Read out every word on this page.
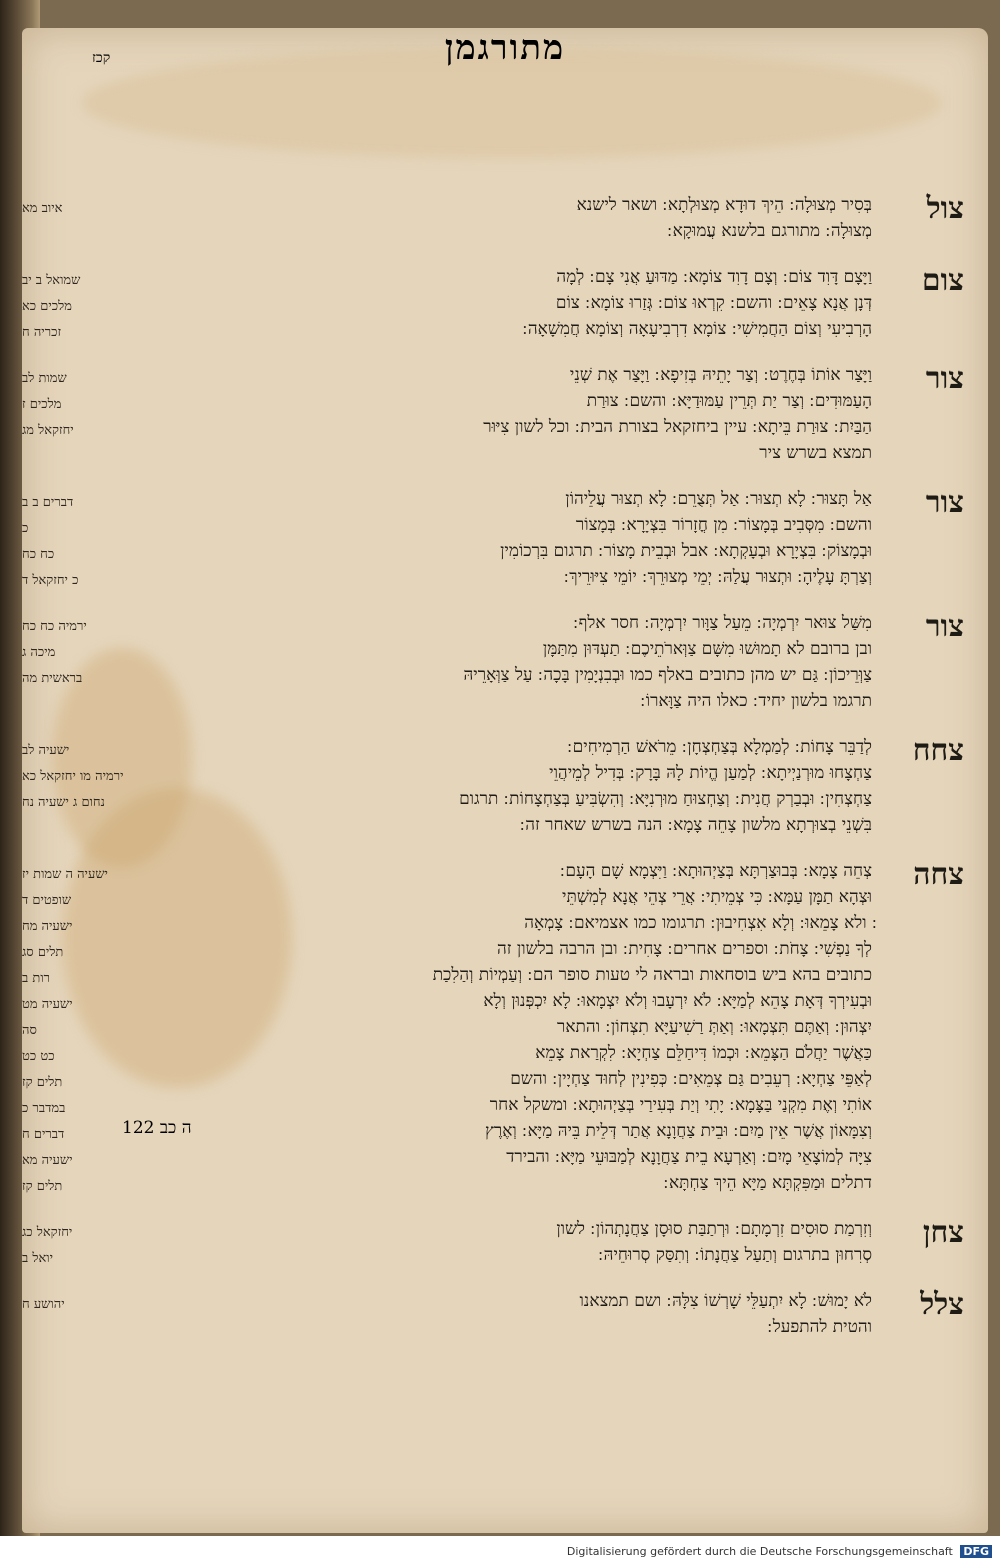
מתורגמן
קכז
צול
בְּסִיר מְצוּלָה ׃ הֵיךְ דוּדָא מְצוּלְתָא ׃ ושאר לישנא
מְצוּלָה ׃ מתורגם בלשנא עֲמוּקָא ׃
איוב מא
צום
וַיָּצָם דָּוִד צוֹם ׃ וְצָם דָוִד צוֹמָא ׃ מַדּוּעַ אֲנִי צָם ׃ לְמָה
דְּנָן אֲנָא צָאֵים ׃ והשם ׃ קִרְאוּ צוֹם ׃ גְּזַרוּ צוֹמָא ׃ צוֹם
הָרְבִיעִי וְצוֹם הַחֲמִישִׁי ׃ צוֹמָא דִרְבִיעָאָה וְצוֹמָא חֲמִשָׁאָה ׃
שמואל ב יב
מלכים כא
זכריה ח
צור
וַיָּצַר אוֹתוֹ בְּחֶרֶט ׃ וְצַר יָתֵיהּ בְּזִיפָא ׃ וַיָּצַר אֶת שְׁנֵי
הָעַמּוּדִים ׃ וְצַר יַת תְּרֵין עַמּוּדַיָּא ׃ והשם ׃ צוּרַת
הַבַּיִת ׃ צוּרַת בֵּיתָא ׃ עיין ביחזקאל בצורת הבית ׃ וכל לשון צִיּוּר
תמצא בשרש ציר
שמות לב
מלכים ז
יחזקאל מג
צור
אַל תָּצוּר ׃ לָא תְצוּר ׃ אַל תְּצֻרֵם ׃ לָא תְצוּר עֲלֵיהוֹן
והשם ׃ מִסְּבִיב בְּמָצוֹר ׃ מִן חֳזָרוֹר בִּצְיָרָא ׃ בְּמָצוֹר
וּבְמָצוֹק ׃ בִּצְיָרָא וּבְעָקְתָא ׃ אבל וּבְבֵית מָצוֹר ׃ תרגום בִּרְכוֹמִין
וְצַרְתָּ עָלֶיהָ ׃ וּתְצוּר עֲלַהּ ׃ יְמֵי מְצוּרֵךְ ׃ יוֹמֵי צִיּוּרֵיךְ ׃
דברים ב ב
כ
כח כח
כ יחזקאל ד
צור
מִשַּׁל צוּאר יִרְמְיָה ׃ מֵעַל צַוָּור יִרְמְיָה ׃ חסר אלף ׃
ובן ברובם לא תָמוּשׁוּ מִשָּׁם צַוְּארֹתֵיכֶם ׃ תַעְדּוּן מִתַּמָּן
צַוְּרֵיכוֹן ׃ גַּם יש מהן כתובים באלף כמו וּבְבִנְיָמִין בָּכָה ׃ עַל צַוְּאָרֵיהּ
תרגמו בלשון יחיד ׃ כאלו היה צַוָּארוֹ ׃
ירמיה כח כח
מיכה ג
בראשית מה
צחח
לְדַבֵּר צָחוֹת ׃ לְמַמְלָא בְּצַחְצְחָן ׃ מֵרֹאשׁ הַרְמִיחִים ׃
צַחְצָחוּ מוּרְנַיְיתָא ׃ לְמַעַן הֱיוֹת לָהּ בָּרָק ׃ בְּדִיל לְמֵיהֲוֵי
צַחְצְחִין ׃ וּבְבַרְק חֲנִית ׃ וְצַחְצוּחַ מוּרְנִיָּא ׃ וְהִשְׂבִּיעַ בְּצַחְצָחוֹת ׃ תרגום
בִּשְׁנֵי בְצוּרְתָא מלשון צָחֵה צָמָא ׃ הנה בשרש שאחר זה ׃
ישעיה לב
ירמיה מו יחזקאל כא
נחום ג ישעיה נח
צחה
צְחֵה צָמָא ׃ בְּבוּצַרְתָּא בְּצַיְהוּתָא ׃ וַיִּצְמָא שָׁם הָעָם ׃
וּצְהָא תַמָּן עַמָּא ׃ כִּי צְמֵיתִי ׃ אֲרֵי צְהֵי אֲנָא לְמִשְׁתֵּי
׃ ולא צָמֵאוּ ׃ וְלָא אִצְחִיבוּן ׃ תרגומו כמו אצמיאם ׃ צָמְאָה
לְךָ נַפְשִׁי ׃ צָחֹת ׃ וספרים אחרים ׃ צָחִית ׃ ובן הרבה בלשון זה
כתובים בהא ביש בוסחאות ובראה לי טעות סופר הם ׃ וְעַמְיוֹת וְהַלִכַת
וּבְעִירְךָ דְּאָת צָהֵא לְמַיָּא ׃ לֹא יִרְעָבוּ וְלֹא יִצְמָאוּ ׃ לָא יִכְפְּנוּן וְלָא
יִצְהוּן ׃ וְאַתֶּם תִּצְמָאוּ ׃ וְאַתְּ רַשִׁיעַיָּא תִצְחוֹן ׃ והתאר
כַּאֲשֶׁר יַחֲלֹם הַצָּמֵא ׃ וּכְמוֹ דִּיחַלֵּם צַחְיָא ׃ לִקְרַאת צָמֵא
לְאַפֵּי צַחְיָא ׃ רְעֵבִים גַּם צְמֵאִים ׃ כְּפִינִין לְחוּד צַחְיָין ׃ והשם
אוֹתִי וְאֶת מִקְנַי בַּצָּמָא ׃ יָתִי וְיַת בְּעִירַי בְּצַיְהוּתָא ׃ ומשקל אחר
וְצִמָּאוֹן אֲשֶׁר אֵין מַיִם ׃ וּבֵית צַחֲוָנָא אֲתַר דְּלֵית בֵּיהּ מַיָּא ׃ וְאֶרֶץ
צִיָּה לְמוֹצָאֵי מָיִם ׃ וְאַרְעָא בֵית צַחֲוָנָא לְמַבּוּעֵי מַיָּא ׃ והבירד
דתלים וּמַפִּקְתָּא מַיָּא הֵיךְ צַחְתָּא ׃
ישעיה ה שמות יז
שופטים ד
ישעיה מח
תלים סג
רות ב
ישעיה מט
סה
כט כט
תלים קז
במדבר כ
דברים ח
ישעיה מא
תלים קז
צחן
וְזִרְמַת סוּסִים זִרְמָתָם ׃ וּרְתַבַּת סוּסָן צַחֲנָתְהוֹן ׃ לשון
סְרִחוּן בתרגום וְתַעַל צַחֲנָתוֹ ׃ וְתִסַּק סְרוּחֵיהּ ׃
יחזקאל כג
יואל ב
צלל
לֹא יָמוּשׁ ׃ לָא יִתְעַלֵּי שָׁרְשׁוֹ צִלָּהּ ׃ ושם תמצאנו
והטית להתפעל ׃
יהושע ח
ה כב 122
Digitalisierung gefördert durch die Deutsche Forschungsgemeinschaft DFG
